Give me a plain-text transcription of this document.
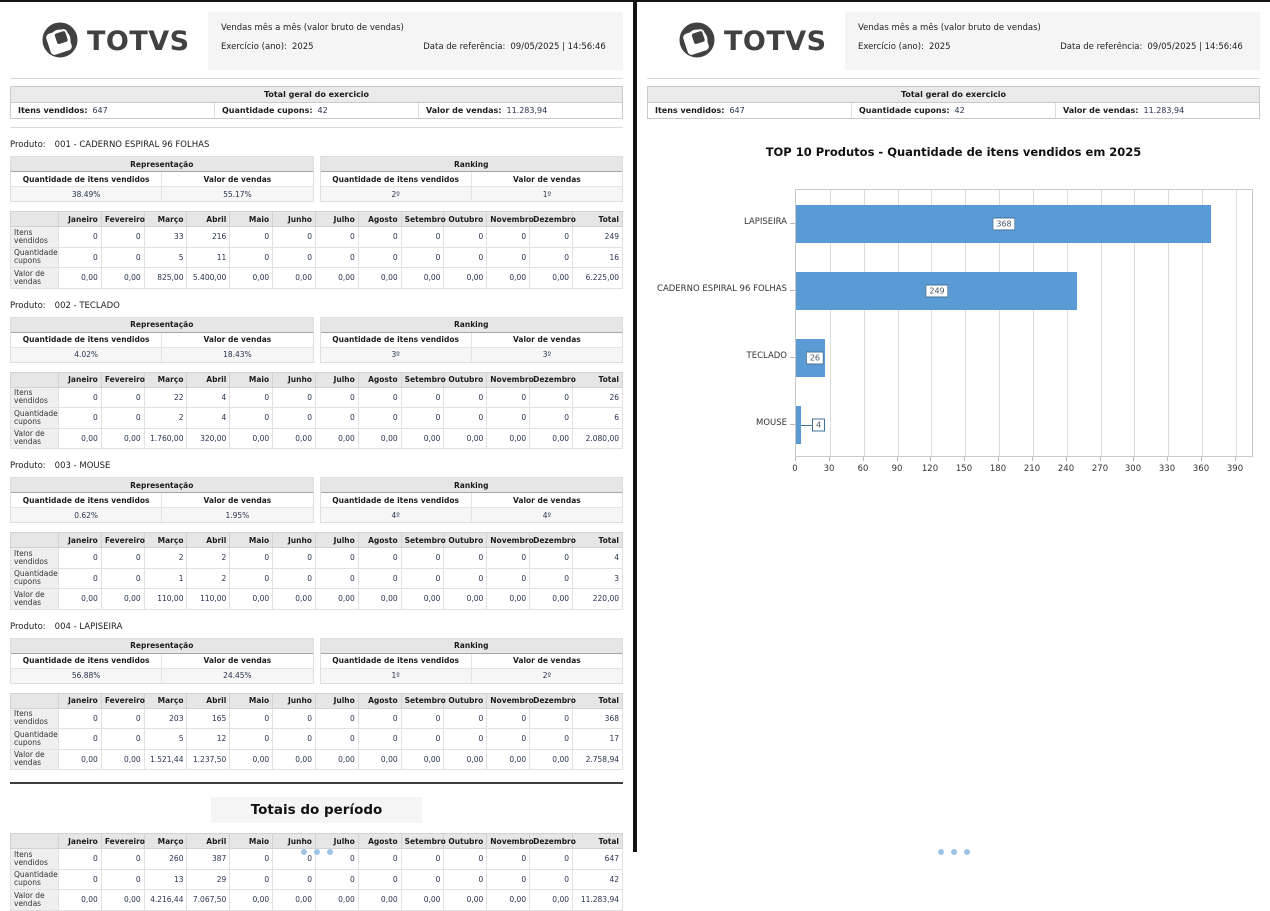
TOTVS	Vendas mês a mês (valor bruto de vendas)
Exercício (ano): 2025	Data de referência: 09/05/2025 | 14:56:46
Total geral do exercicio
Itens vendidos: 647	Quantidade cupons: 42	Valor de vendas: 11.283,94
Produto: 001 - CADERNO ESPIRAL 96 FOLHAS
Representação
Quantidade de itens vendidos	Valor de vendas
38.49%	55.17%
Ranking
Quantidade de itens vendidos	Valor de vendas
2º	1º
	Janeiro	Fevereiro	Março	Abril	Maio	Junho	Julho	Agosto	Setembro	Outubro	Novembro	Dezembro	Total
Itens vendidos	0	0	33	216	0	0	0	0	0	0	0	0	249
Quantidade cupons	0	0	5	11	0	0	0	0	0	0	0	0	16
Valor de vendas	0,00	0,00	825,00	5.400,00	0,00	0,00	0,00	0,00	0,00	0,00	0,00	0,00	6.225,00
Produto: 002 - TECLADO
Representação
Quantidade de itens vendidos	Valor de vendas
4.02%	18.43%
Ranking
Quantidade de itens vendidos	Valor de vendas
3º	3º
	Janeiro	Fevereiro	Março	Abril	Maio	Junho	Julho	Agosto	Setembro	Outubro	Novembro	Dezembro	Total
Itens vendidos	0	0	22	4	0	0	0	0	0	0	0	0	26
Quantidade cupons	0	0	2	4	0	0	0	0	0	0	0	0	6
Valor de vendas	0,00	0,00	1.760,00	320,00	0,00	0,00	0,00	0,00	0,00	0,00	0,00	0,00	2.080,00
Produto: 003 - MOUSE
Representação
Quantidade de itens vendidos	Valor de vendas
0.62%	1.95%
Ranking
Quantidade de itens vendidos	Valor de vendas
4º	4º
	Janeiro	Fevereiro	Março	Abril	Maio	Junho	Julho	Agosto	Setembro	Outubro	Novembro	Dezembro	Total
Itens vendidos	0	0	2	2	0	0	0	0	0	0	0	0	4
Quantidade cupons	0	0	1	2	0	0	0	0	0	0	0	0	3
Valor de vendas	0,00	0,00	110,00	110,00	0,00	0,00	0,00	0,00	0,00	0,00	0,00	0,00	220,00
Produto: 004 - LAPISEIRA
Representação
Quantidade de itens vendidos	Valor de vendas
56.88%	24.45%
Ranking
Quantidade de itens vendidos	Valor de vendas
1º	2º
	Janeiro	Fevereiro	Março	Abril	Maio	Junho	Julho	Agosto	Setembro	Outubro	Novembro	Dezembro	Total
Itens vendidos	0	0	203	165	0	0	0	0	0	0	0	0	368
Quantidade cupons	0	0	5	12	0	0	0	0	0	0	0	0	17
Valor de vendas	0,00	0,00	1.521,44	1.237,50	0,00	0,00	0,00	0,00	0,00	0,00	0,00	0,00	2.758,94
Totais do período
	Janeiro	Fevereiro	Março	Abril	Maio	Junho	Julho	Agosto	Setembro	Outubro	Novembro	Dezembro	Total
Itens vendidos	0	0	260	387	0	0	0	0	0	0	0	0	647
Quantidade cupons	0	0	13	29	0	0	0	0	0	0	0	0	42
Valor de vendas	0,00	0,00	4.216,44	7.067,50	0,00	0,00	0,00	0,00	0,00	0,00	0,00	0,00	11.283,94
TOTVS	Vendas mês a mês (valor bruto de vendas)
Exercício (ano): 2025	Data de referência: 09/05/2025 | 14:56:46
Total geral do exercicio
Itens vendidos: 647	Quantidade cupons: 42	Valor de vendas: 11.283,94
TOP 10 Produtos - Quantidade de itens vendidos em 2025
368
249
26
4
0	30	60	90 120 150 180 210 240 270 300 330 360 390
LAPISEIRA
CADERNO ESPIRAL 96 FOLHAS
TECLADO
MOUSE
